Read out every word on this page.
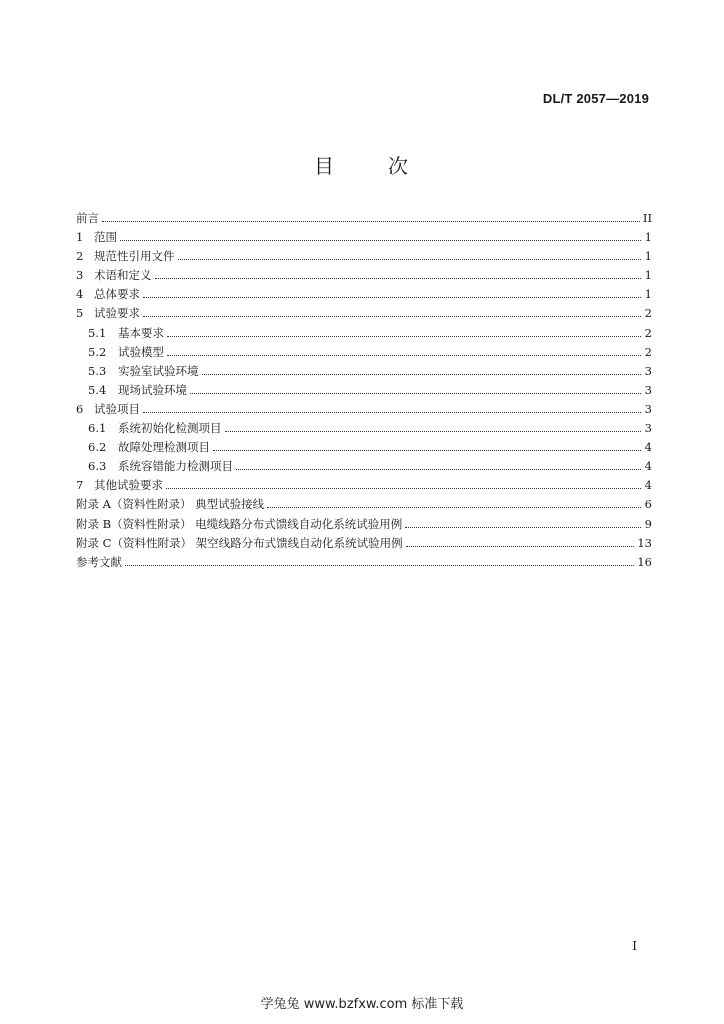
DL/T 2057—2019
目	次
前言	II
1 范围	1
2 规范性引用文件	1
3 术语和定义	1
4 总体要求	1
5 试验要求	2
5.1	基本要求	2
5.2	试验模型	2
5.3	实验室试验环境	3
5.4	现场试验环境	3
6 试验项目	3
6.1	系统初始化检测项目	3
6.2	故障处理检测项目	4
6.3	系统容错能力检测项目	4
7 其他试验要求	4
附录 A（资料性附录） 典型试验接线	6
附录 B（资料性附录） 电缆线路分布式馈线自动化系统试验用例	9
附录 C（资料性附录） 架空线路分布式馈线自动化系统试验用例	13
参考文献	16
I
学兔兔 www.bzfxw.com 标准下载
